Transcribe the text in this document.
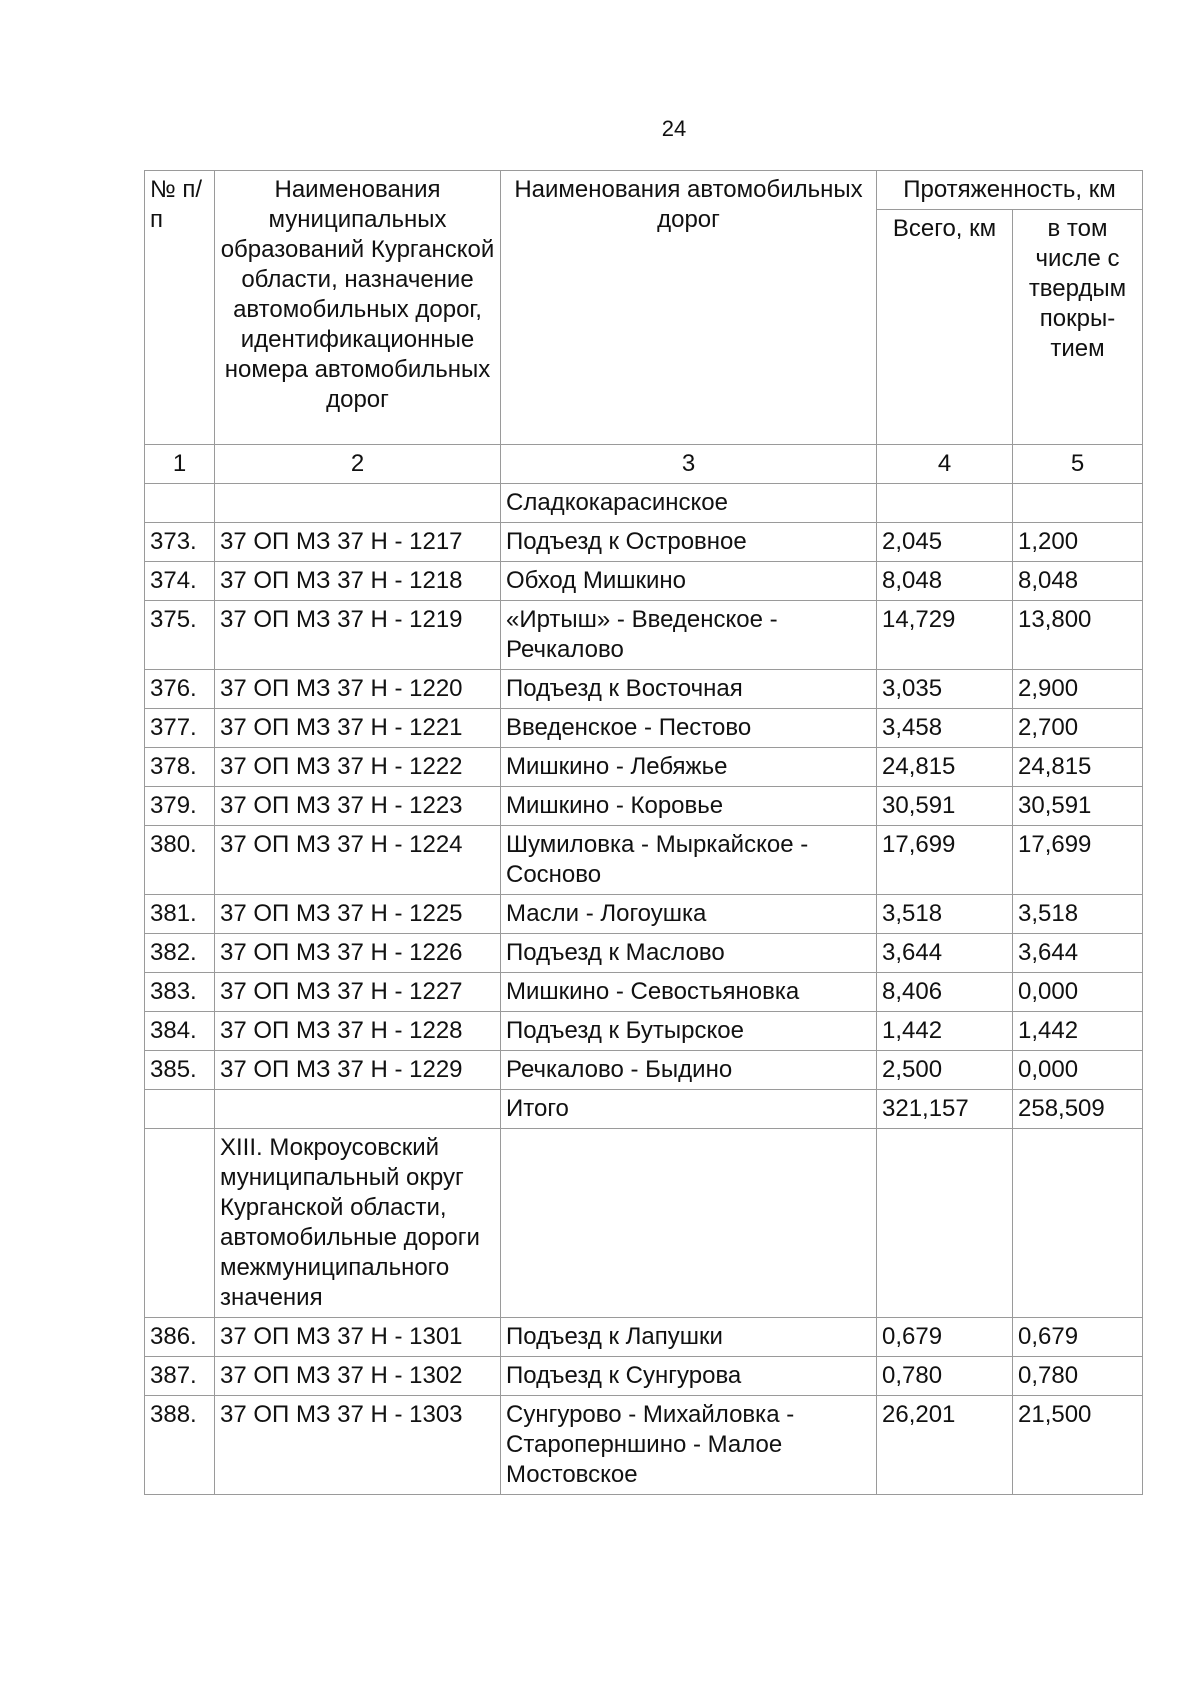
24
№ п/п	Наименования муниципальных образований Курганской области, назначение автомобильных дорог, идентификационные номера автомобильных дорог	Наименования автомобильных дорог	Протяженность, км	
			Всего, км	в том числе с твердым покры-тием
1	2	3	4	5
		Сладкокарасинское		
373.	37 ОП МЗ 37 Н - 1217	Подъезд к Островное	2,045	1,200
374.	37 ОП МЗ 37 Н - 1218	Обход Мишкино	8,048	8,048
375.	37 ОП МЗ 37 Н - 1219	«Иртыш» - Введенское - Речкалово	14,729	13,800
376.	37 ОП МЗ 37 Н - 1220	Подъезд к Восточная	3,035	2,900
377.	37 ОП МЗ 37 Н - 1221	Введенское - Пестово	3,458	2,700
378.	37 ОП МЗ 37 Н - 1222	Мишкино - Лебяжье	24,815	24,815
379.	37 ОП МЗ 37 Н - 1223	Мишкино - Коровье	30,591	30,591
380.	37 ОП МЗ 37 Н - 1224	Шумиловка - Мыркайское - Сосново	17,699	17,699
381.	37 ОП МЗ 37 Н - 1225	Масли - Логоушка	3,518	3,518
382.	37 ОП МЗ 37 Н - 1226	Подъезд к Маслово	3,644	3,644
383.	37 ОП МЗ 37 Н - 1227	Мишкино - Севостьяновка	8,406	0,000
384.	37 ОП МЗ 37 Н - 1228	Подъезд к Бутырское	1,442	1,442
385.	37 ОП МЗ 37 Н - 1229	Речкалово - Быдино	2,500	0,000
		Итого	321,157	258,509
	XIII. Мокроусовский муниципальный округ Курганской области, автомобильные дороги межмуниципального значения			
386.	37 ОП МЗ 37 Н - 1301	Подъезд к Лапушки	0,679	0,679
387.	37 ОП МЗ 37 Н - 1302	Подъезд к Сунгурова	0,780	0,780
388.	37 ОП МЗ 37 Н - 1303	Сунгурово - Михайловка - Староперншино - Малое Мостовское	26,201	21,500
